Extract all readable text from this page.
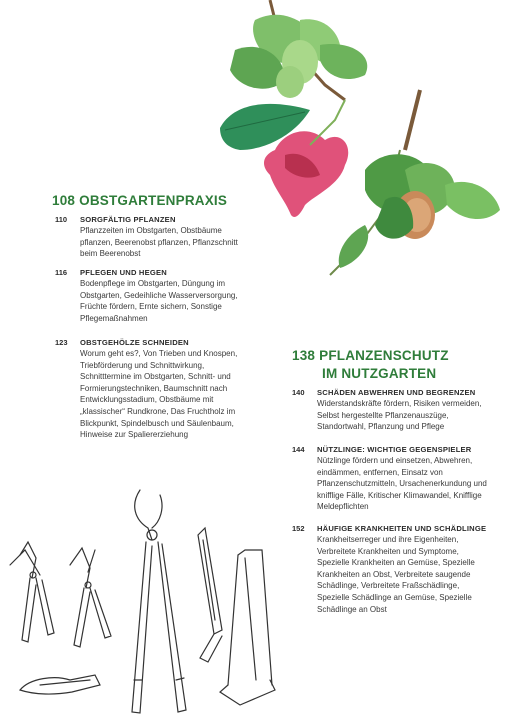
108 OBSTGARTENPRAXIS
110 SORGFÄLTIG PFLANZEN
Pflanzzeiten im Obstgarten, Obstbäume pflanzen, Beerenobst pflanzen, Pflanzschnitt beim Beerenobst
116 PFLEGEN UND HEGEN
Bodenpflege im Obstgarten, Düngung im Obstgarten, Gedeihliche Wasserversorgung, Früchte fördern, Ernte sichern, Sonstige Pflegemaßnahmen
123 OBSTGEHÖLZE SCHNEIDEN
Worum geht es?, Von Trieben und Knospen, Triebförderung und Schnittwirkung, Schnitttermine im Obstgarten, Schnitt- und Formierungstechniken, Baumschnitt nach Entwicklungsstadium, Obstbäume mit „klassischer“ Rundkrone, Das Fruchtholz im Blickpunkt, Spindelbusch und Säulenbaum, Hinweise zur Spaliererziehung
138 PFLANZENSCHUTZ
IM NUTZGARTEN
140 SCHÄDEN ABWEHREN UND BEGRENZEN
Widerstandskräfte fördern, Risiken vermeiden, Selbst hergestellte Pflanzenauszüge, Standortwahl, Pflanzung und Pflege
144 NÜTZLINGE: WICHTIGE GEGENSPIELER
Nützlinge fördern und einsetzen, Abwehren, eindämmen, entfernen, Einsatz von Pflanzenschutzmitteln, Ursachenerkundung und knifflige Fälle, Kritischer Klimawandel, Knifflige Meldepflichten
152 HÄUFIGE KRANKHEITEN UND SCHÄDLINGE
Krankheitserreger und ihre Eigenheiten, Verbreitete Krankheiten und Symptome, Spezielle Krankheiten an Gemüse, Spezielle Krankheiten an Obst, Verbreitete saugende Schädlinge, Verbreitete Fraßschädlinge, Spezielle Schädlinge an Gemüse, Spezielle Schädlinge an Obst
